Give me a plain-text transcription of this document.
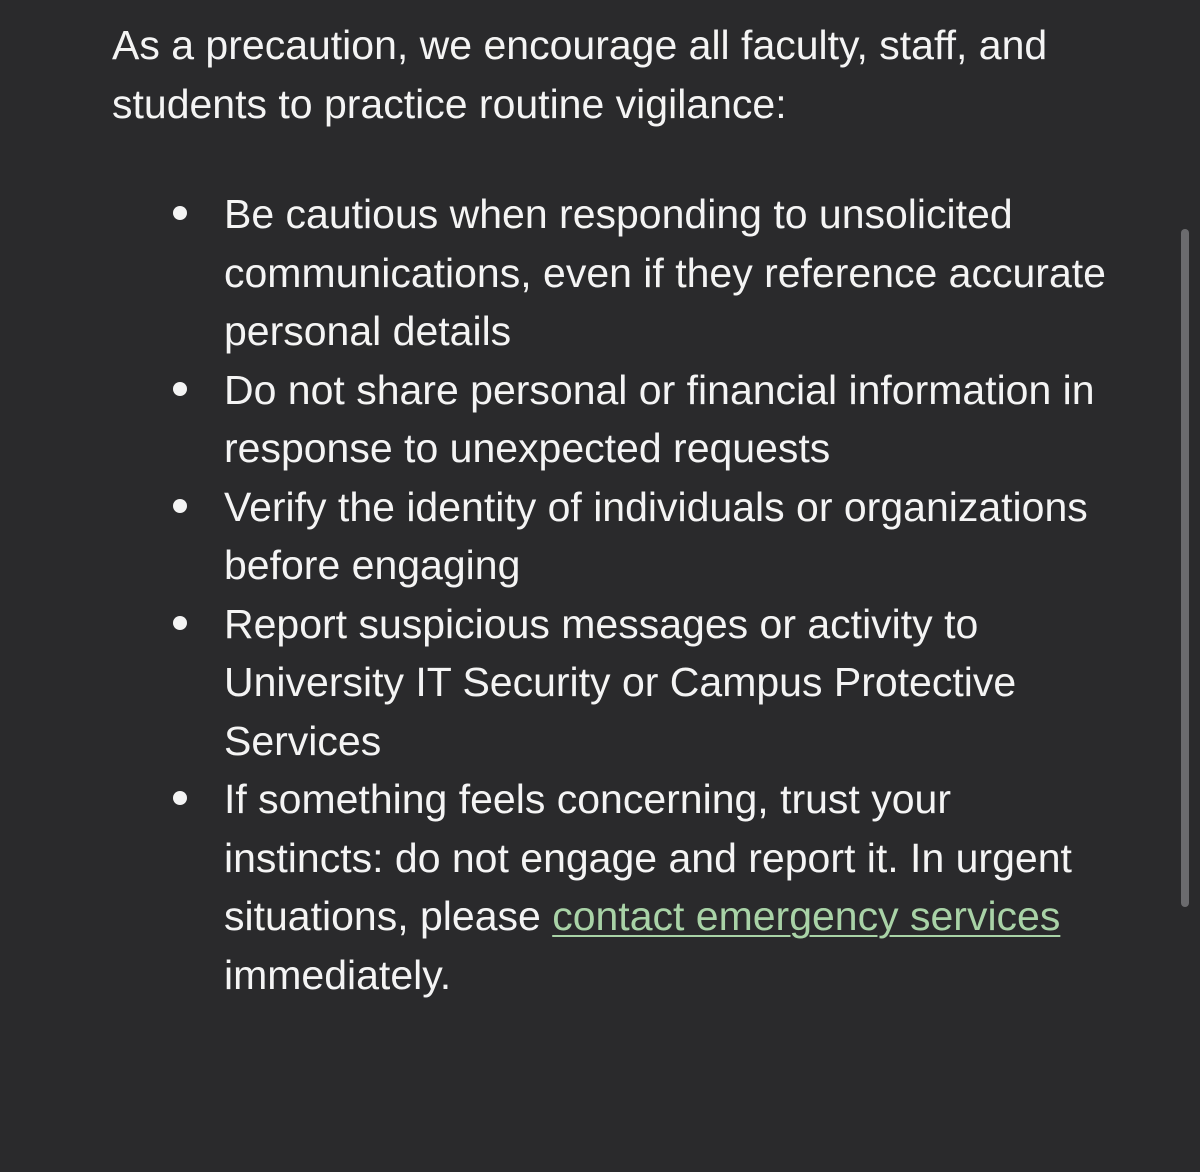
As a precaution, we encourage all faculty, staff, and students to practice routine vigilance:

Be cautious when responding to unsolicited communications, even if they reference accurate personal details
Do not share personal or financial information in response to unexpected requests
Verify the identity of individuals or organizations before engaging
Report suspicious messages or activity to University IT Security or Campus Protective Services
If something feels concerning, trust your instincts: do not engage and report it. In urgent situations, please contact emergency services immediately.
